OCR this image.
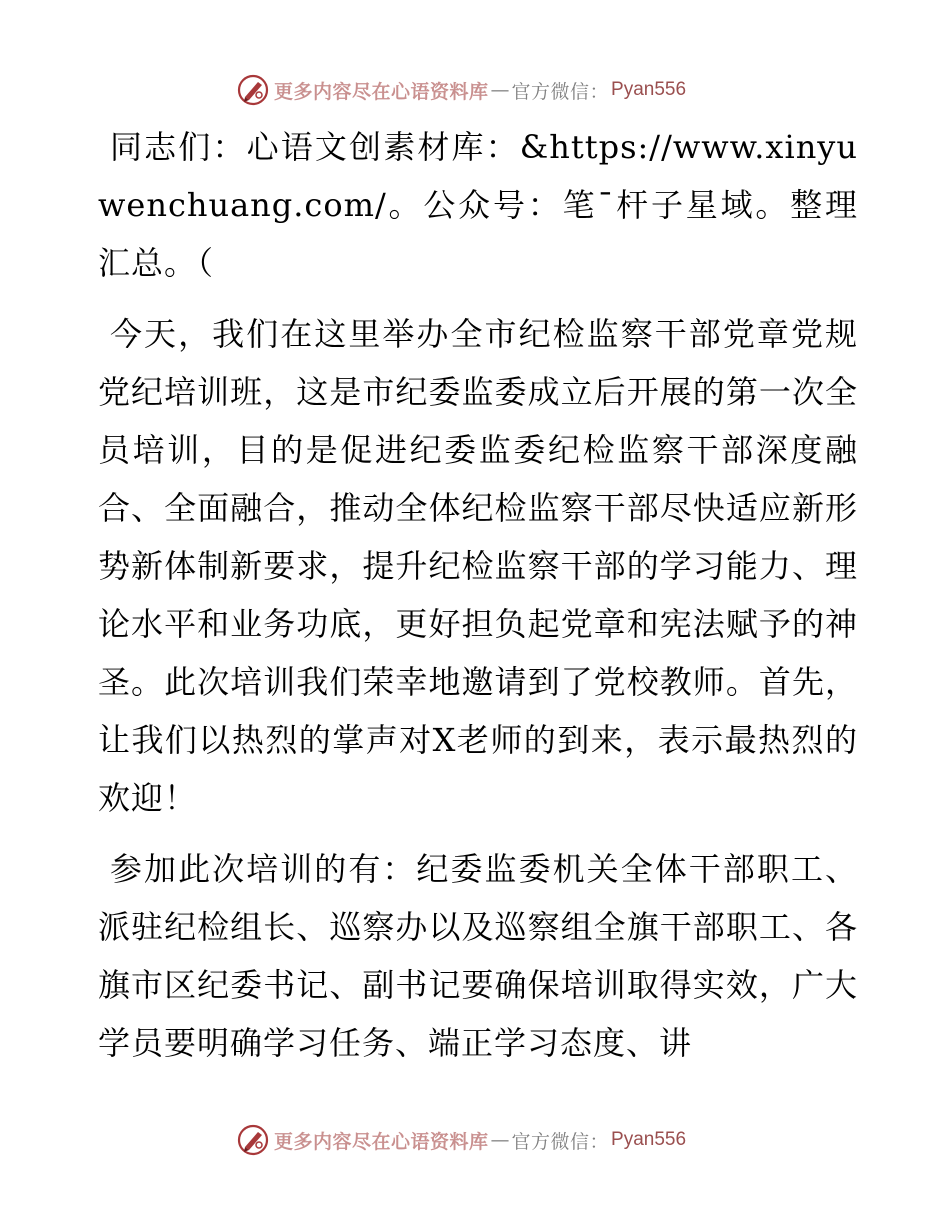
更多内容尽在心语资料库 — 官方微信： Pyan556

同志们：心语文创素材库：&https://www.xinyuwenchuang.com/。公众号：笔¯杆子星域。整理汇总。（

今天，我们在这里举办全市纪检监察干部党章党规党纪培训班，这是市纪委监委成立后开展的第一次全员培训，目的是促进纪委监委纪检监察干部深度融合、全面融合，推动全体纪检监察干部尽快适应新形势新体制新要求，提升纪检监察干部的学习能力、理论水平和业务功底，更好担负起党章和宪法赋予的神圣。此次培训我们荣幸地邀请到了党校教师。首先，让我们以热烈的掌声对X老师的到来，表示最热烈的欢迎！

参加此次培训的有：纪委监委机关全体干部职工、派驻纪检组长、巡察办以及巡察组全旗干部职工、各旗市区纪委书记、副书记要确保培训取得实效，广大学员要明确学习任务、端正学习态度、讲

更多内容尽在心语资料库 — 官方微信： Pyan556
